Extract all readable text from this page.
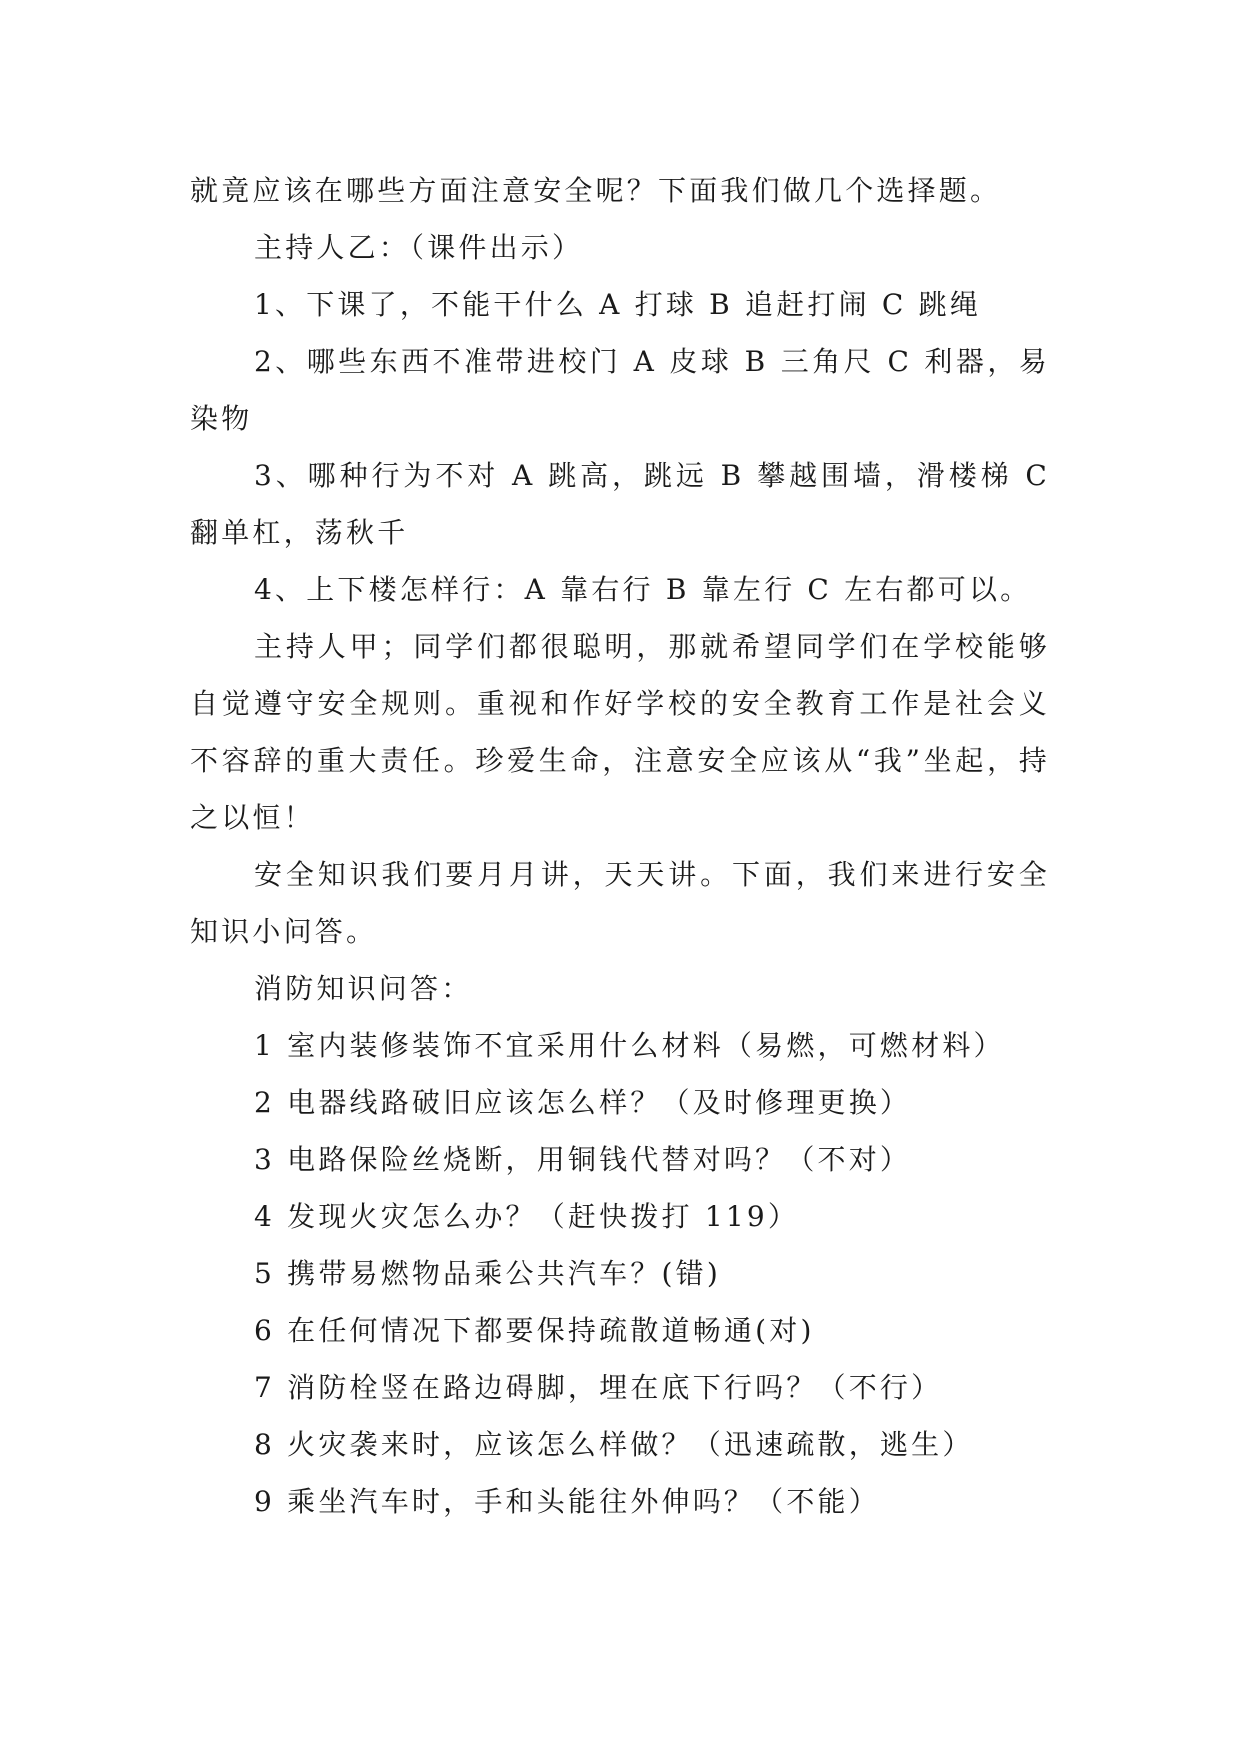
就竟应该在哪些方面注意安全呢？下面我们做几个选择题。

主持人乙：（课件出示）

1、下课了，不能干什么 A 打球 B 追赶打闹 C 跳绳

2、哪些东西不准带进校门 A 皮球 B 三角尺 C 利器，易染物

3、哪种行为不对 A 跳高，跳远 B 攀越围墙，滑楼梯 C 翻单杠，荡秋千

4、上下楼怎样行：A 靠右行 B 靠左行 C 左右都可以。

主持人甲；同学们都很聪明，那就希望同学们在学校能够自觉遵守安全规则。重视和作好学校的安全教育工作是社会义不容辞的重大责任。珍爱生命，注意安全应该从“我”坐起，持之以恒！

安全知识我们要月月讲，天天讲。下面，我们来进行安全知识小问答。

消防知识问答：

1 室内装修装饰不宜采用什么材料（易燃，可燃材料）

2 电器线路破旧应该怎么样？（及时修理更换）

3 电路保险丝烧断，用铜钱代替对吗？（不对）

4 发现火灾怎么办？（赶快拨打 119）

5 携带易燃物品乘公共汽车？(错)

6 在任何情况下都要保持疏散道畅通(对)

7 消防栓竖在路边碍脚，埋在底下行吗？（不行）

8 火灾袭来时，应该怎么样做？（迅速疏散，逃生）

9 乘坐汽车时，手和头能往外伸吗？（不能）
